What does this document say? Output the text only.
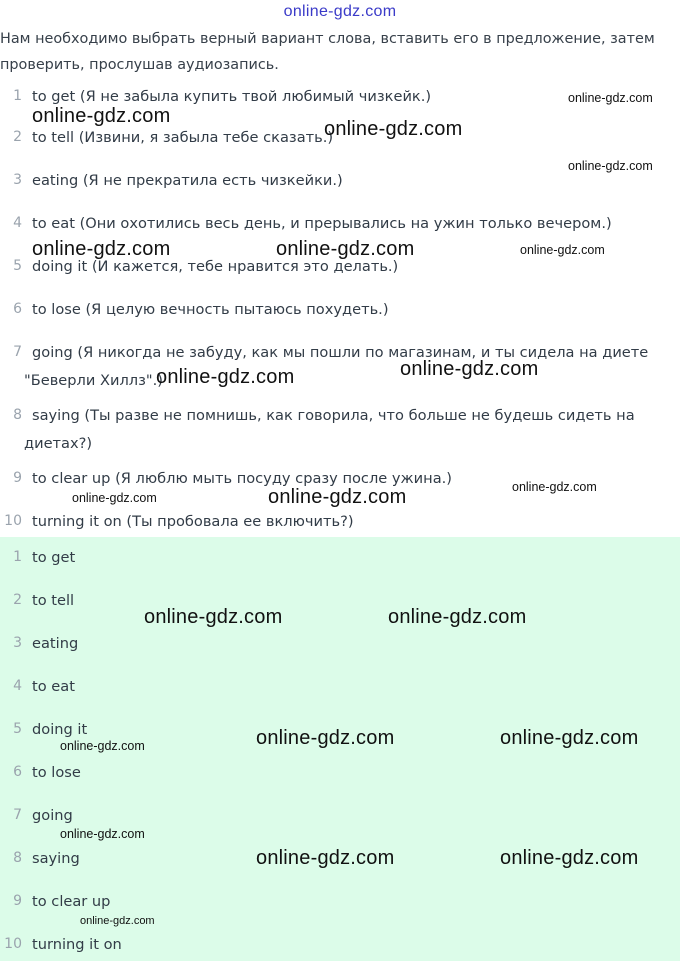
online-gdz.com
Нам необходимо выбрать верный вариант слова, вставить его в предложение, затем проверить, прослушав аудиозапись.
1 to get (Я не забыла купить твой любимый чизкейк.)
2 to tell (Извини, я забыла тебе сказать.)
3 eating (Я не прекратила есть чизкейки.)
4 to eat (Они охотились весь день, и прерывались на ужин только вечером.)
5 doing it (И кажется, тебе нравится это делать.)
6 to lose (Я целую вечность пытаюсь похудеть.)
7 going (Я никогда не забуду, как мы пошли по магазинам, и ты сидела на диете
"Беверли Хиллз".)
8 saying (Ты разве не помнишь, как говорила, что больше не будешь сидеть на
диетах?)
9 to clear up (Я люблю мыть посуду сразу после ужина.)
10 turning it on (Ты пробовала ее включить?)
1 to get
2 to tell
3 eating
4 to eat
5 doing it
6 to lose
7 going
8 saying
9 to clear up
10 turning it on
online-gdz.com
online-gdz.com
online-gdz.com
online-gdz.com
online-gdz.com	online-gdz.com	online-gdz.com
online-gdz.com	online-gdz.com
online-gdz.com
online-gdz.com	online-gdz.com
online-gdz.com	online-gdz.com
online-gdz.com	online-gdz.com	online-gdz.com
online-gdz.com
online-gdz.com	online-gdz.com
online-gdz.com
